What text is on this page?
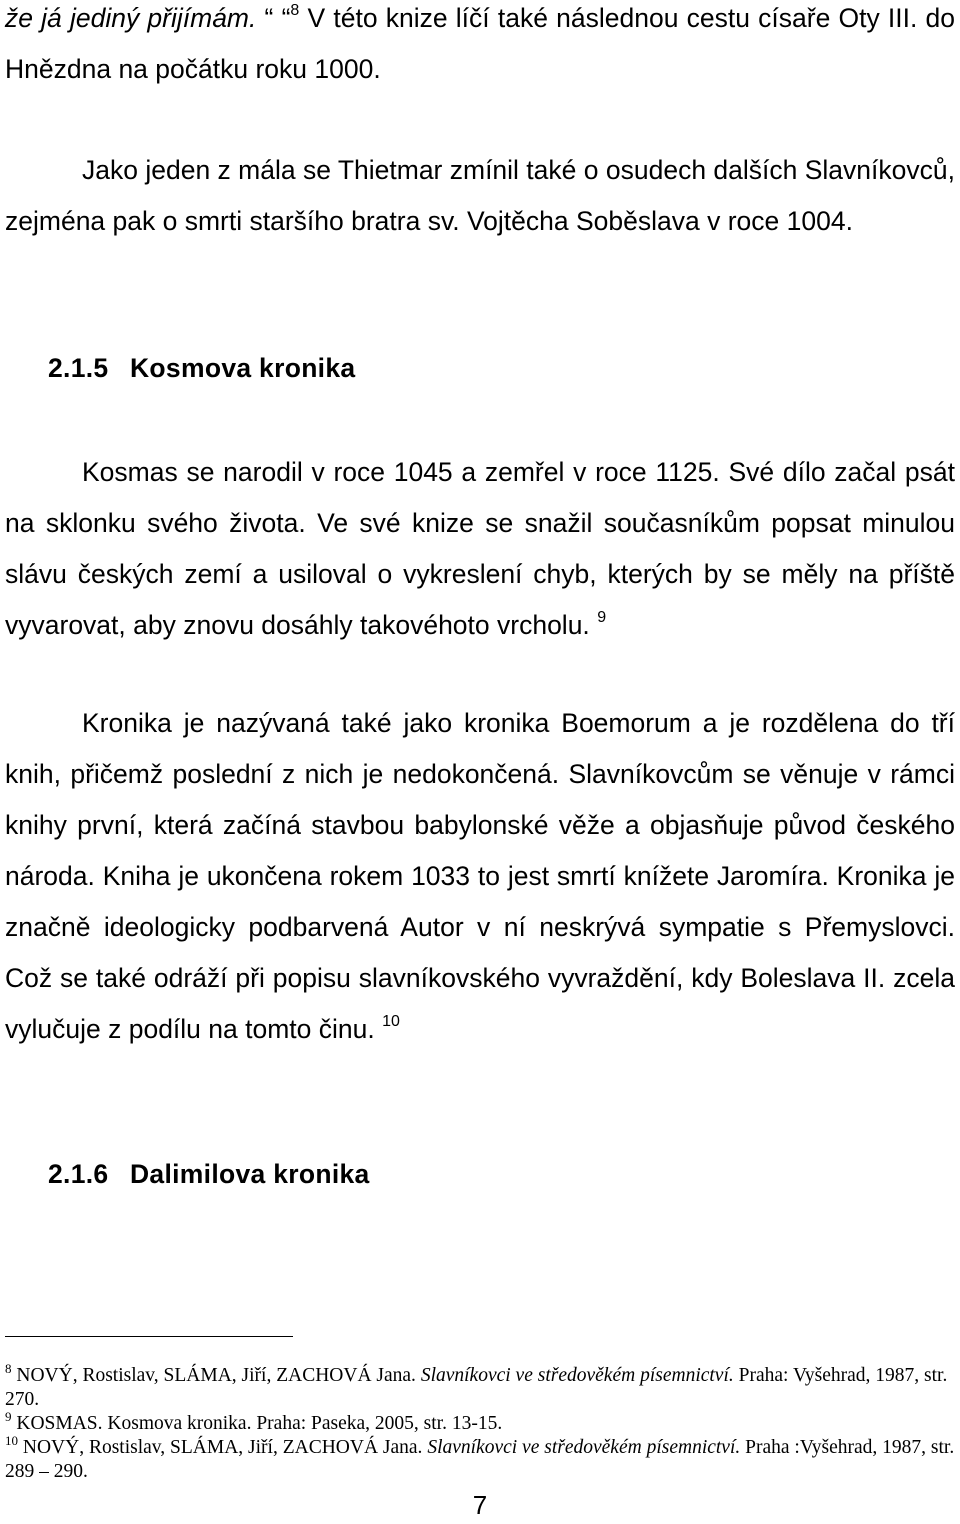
že já jediný přijímám. “ “$^8$ V této knize líčí také následnou cestu císaře Oty III. do Hnězdna na počátku roku 1000.

Jako jeden z mála se Thietmar zmínil také o osudech dalších Slavníkovců, zejména pak o smrti staršího bratra sv. Vojtěcha Soběslava v roce 1004.

2.1.5 Kosmova kronika

Kosmas se narodil v roce 1045 a zemřel v roce 1125. Své dílo začal psát na sklonku svého života. Ve své knize se snažil současníkům popsat minulou slávu českých zemí a usiloval o vykreslení chyb, kterých by se měly na příště vyvarovat, aby znovu dosáhly takovéhoto vrcholu. $^9$

Kronika je nazývaná také jako kronika Boemorum a je rozdělena do tří knih, přičemž poslední z nich je nedokončená. Slavníkovcům se věnuje v rámci knihy první, která začíná stavbou babylonské věže a objasňuje původ českého národa. Kniha je ukončena rokem 1033 to jest smrtí knížete Jaromíra. Kronika je značně ideologicky podbarvená Autor v ní neskrývá sympatie s Přemyslovci. Což se také odráží při popisu slavníkovského vyvraždění, kdy Boleslava II. zcela vylučuje z podílu na tomto činu. $^{10}$

2.1.6 Dalimilova kronika

$^8$ NOVÝ, Rostislav, SLÁMA, Jiří, ZACHOVÁ Jana. Slavníkovci ve středověkém písemnictví. Praha: Vyšehrad, 1987, str. 270.

$^9$ KOSMAS. Kosmova kronika. Praha: Paseka, 2005, str. 13-15.

$^{10}$ NOVÝ, Rostislav, SLÁMA, Jiří, ZACHOVÁ Jana. Slavníkovci ve středověkém písemnictví. Praha :Vyšehrad, 1987, str. 289 – 290.

7
